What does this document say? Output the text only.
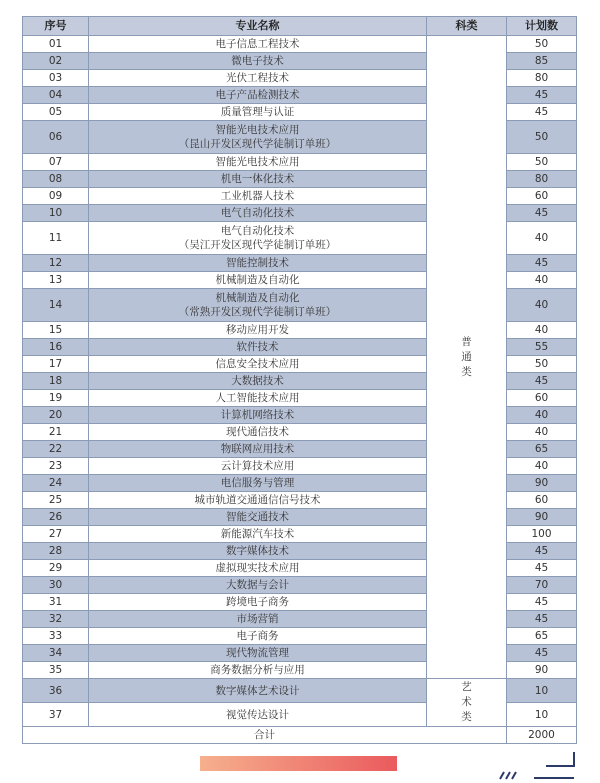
序号	专业名称	科类	计划数
01	电子信息工程技术	普通类	50
02	微电子技术		85
03	光伏工程技术		80
04	电子产品检测技术		45
05	质量管理与认证		45
06	智能光电技术应用
（昆山开发区现代学徒制订单班）		50
07	智能光电技术应用		50
08	机电一体化技术		80
09	工业机器人技术		60
10	电气自动化技术		45
11	电气自动化技术
（吴江开发区现代学徒制订单班）		40
12	智能控制技术		45
13	机械制造及自动化		40
14	机械制造及自动化
（常熟开发区现代学徒制订单班）		40
15	移动应用开发		40
16	软件技术		55
17	信息安全技术应用		50
18	大数据技术		45
19	人工智能技术应用		60
20	计算机网络技术		40
21	现代通信技术		40
22	物联网应用技术		65
23	云计算技术应用		40
24	电信服务与管理		90
25	城市轨道交通通信信号技术		60
26	智能交通技术		90
27	新能源汽车技术		100
28	数字媒体技术		45
29	虚拟现实技术应用		45
30	大数据与会计		70
31	跨境电子商务		45
32	市场营销		45
33	电子商务		65
34	现代物流管理		45
35	商务数据分析与应用		90
36	数字媒体艺术设计	艺术类	10
37	视觉传达设计		10
合计			2000
